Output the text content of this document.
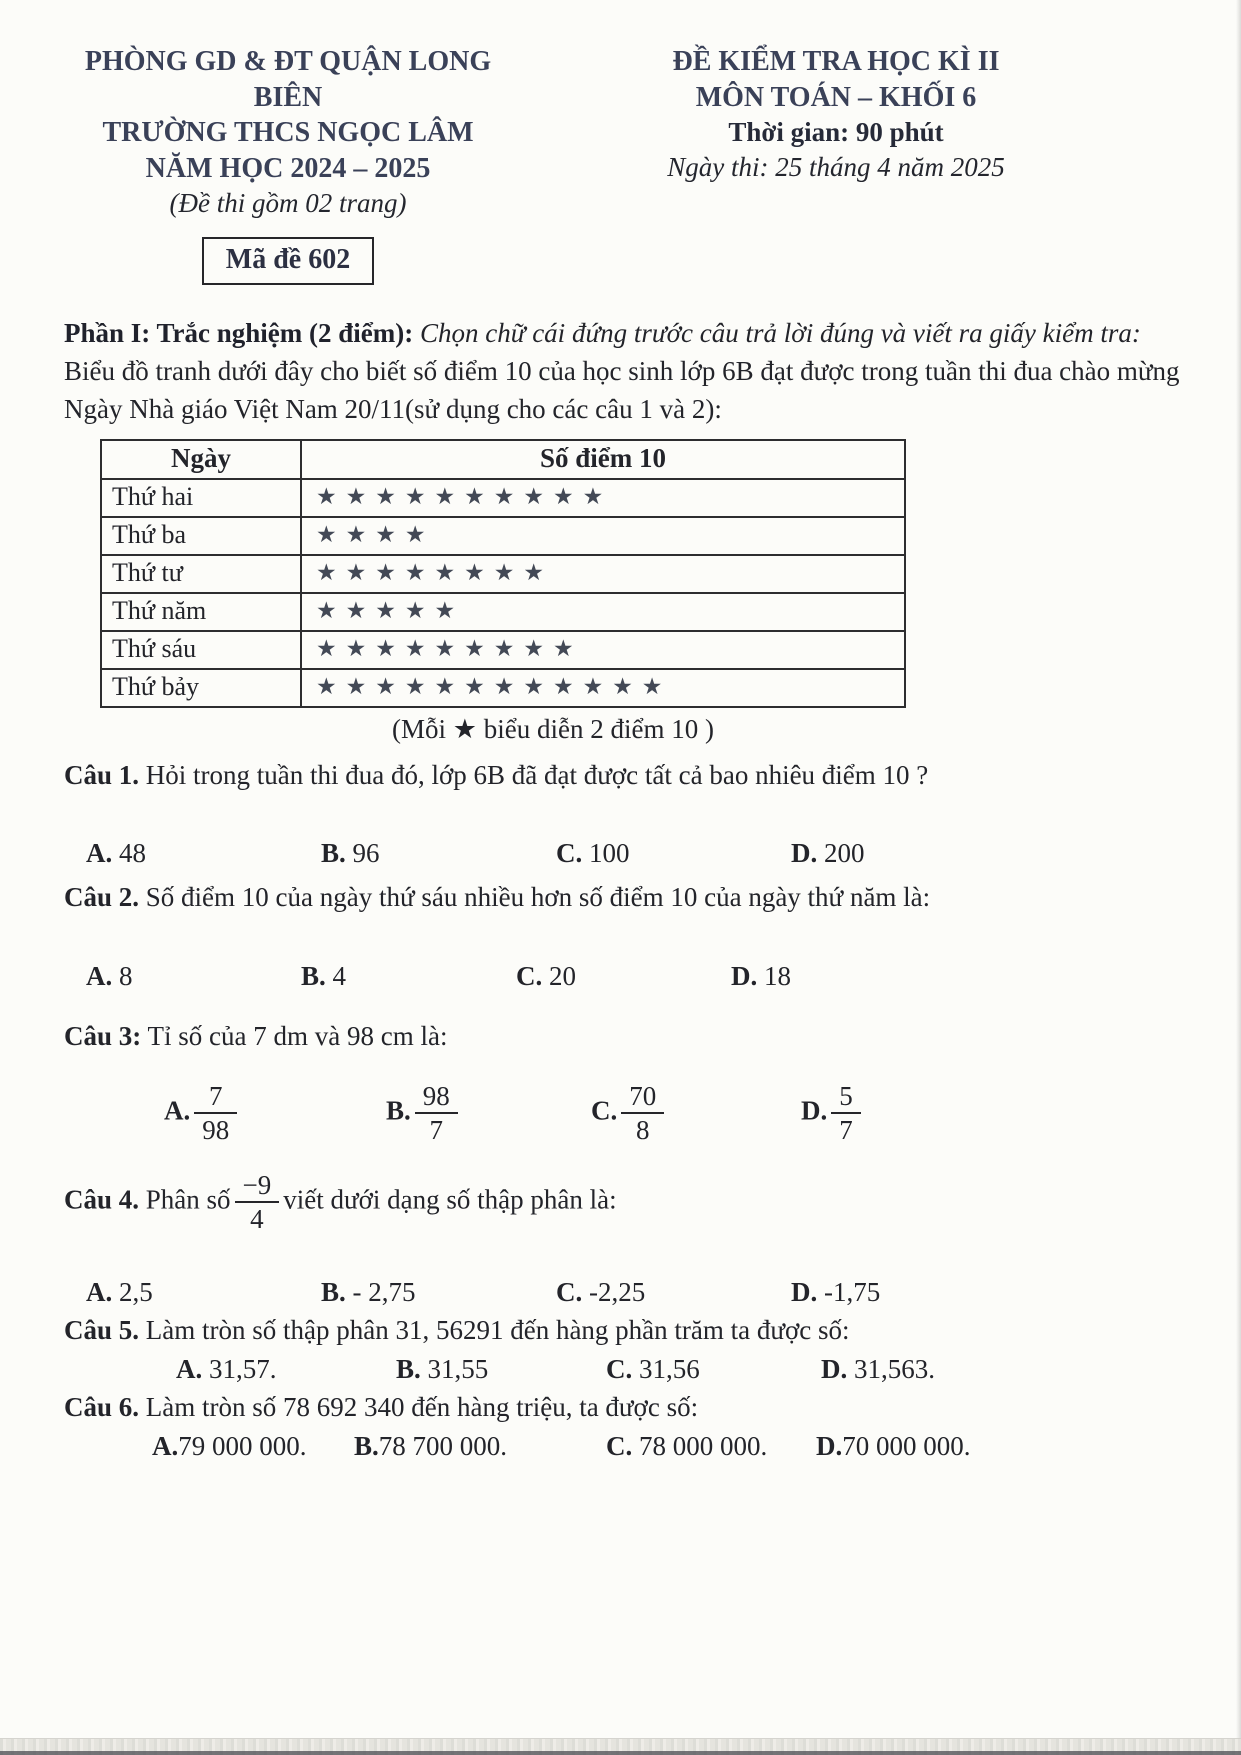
PHÒNG GD & ĐT QUẬN LONG BIÊN
TRƯỜNG THCS NGỌC LÂM
NĂM HỌC 2024 – 2025
(Đề thi gồm 02 trang)
Mã đề 602
ĐỀ KIỂM TRA HỌC KÌ II
MÔN TOÁN – KHỐI 6
Thời gian: 90 phút
Ngày thi: 25 tháng 4 năm 2025

Phần I: Trắc nghiệm (2 điểm): Chọn chữ cái đứng trước câu trả lời đúng và viết ra giấy kiểm tra:

Biểu đồ tranh dưới đây cho biết số điểm 10 của học sinh lớp 6B đạt được trong tuần thi đua chào mừng Ngày Nhà giáo Việt Nam 20/11(sử dụng cho các câu 1 và 2):

Ngày	Số điểm 10
Thứ hai	★★★★★★★★★★
Thứ ba	★★★★
Thứ tư	★★★★★★★★
Thứ năm	★★★★★
Thứ sáu	★★★★★★★★★
Thứ bảy	★★★★★★★★★★★★
(Mỗi ★ biểu diễn 2 điểm 10 )

Câu 1. Hỏi trong tuần thi đua đó, lớp 6B đã đạt được tất cả bao nhiêu điểm 10 ?

A. 48	B. 96	C. 100	D. 200

Câu 2. Số điểm 10 của ngày thứ sáu nhiều hơn số điểm 10 của ngày thứ năm là:

A. 8	B. 4	C. 20	D. 18

Câu 3: Tỉ số của 7 dm và 98 cm là:

A. $\frac{7}{98}$	B. $\frac{98}{7}$	C. $\frac{70}{8}$	D. $\frac{5}{7}$

Câu 4. Phân số $\frac{-9}{4}$ viết dưới dạng số thập phân là:

A. 2,5	B. - 2,75	C. -2,25	D. -1,75

Câu 5. Làm tròn số thập phân 31, 56291 đến hàng phần trăm ta được số:

A. 31,57.	B. 31,55	C. 31,56	D. 31,563.

Câu 6. Làm tròn số 78 692 340 đến hàng triệu, ta được số:

A.79 000 000.	B.78 700 000.	C. 78 000 000.	D.70 000 000.
